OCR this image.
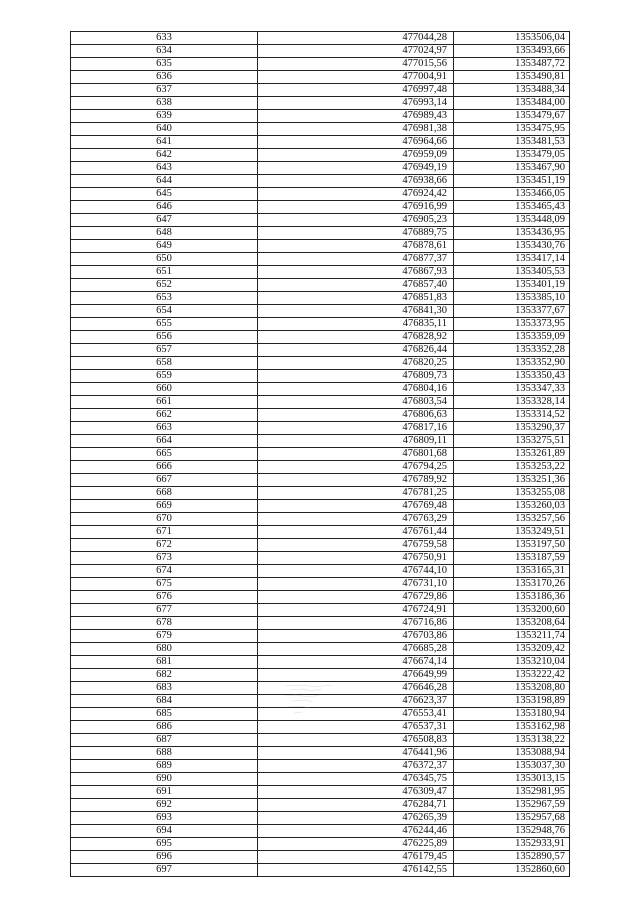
633	477044,28	1353506,04
634	477024,97	1353493,66
635	477015,56	1353487,72
636	477004,91	1353490,81
637	476997,48	1353488,34
638	476993,14	1353484,00
639	476989,43	1353479,67
640	476981,38	1353475,95
641	476964,66	1353481,53
642	476959,09	1353479,05
643	476949,19	1353467,90
644	476938,66	1353451,19
645	476924,42	1353466,05
646	476916,99	1353465,43
647	476905,23	1353448,09
648	476889,75	1353436,95
649	476878,61	1353430,76
650	476877,37	1353417,14
651	476867,93	1353405,53
652	476857,40	1353401,19
653	476851,83	1353385,10
654	476841,30	1353377,67
655	476835,11	1353373,95
656	476828,92	1353359,09
657	476826,44	1353352,28
658	476820,25	1353352,90
659	476809,73	1353350,43
660	476804,16	1353347,33
661	476803,54	1353328,14
662	476806,63	1353314,52
663	476817,16	1353290,37
664	476809,11	1353275,51
665	476801,68	1353261,89
666	476794,25	1353253,22
667	476789,92	1353251,36
668	476781,25	1353255,08
669	476769,48	1353260,03
670	476763,29	1353257,56
671	476761,44	1353249,51
672	476759,58	1353197,50
673	476750,91	1353187,59
674	476744,10	1353165,31
675	476731,10	1353170,26
676	476729,86	1353186,36
677	476724,91	1353200,60
678	476716,86	1353208,64
679	476703,86	1353211,74
680	476685,28	1353209,42
681	476674,14	1353210,04
682	476649,99	1353222,42
683	476646,28	1353208,80
684	476623,37	1353198,89
685	476553,41	1353180,94
686	476537,31	1353162,98
687	476508,83	1353138,22
688	476441,96	1353088,94
689	476372,37	1353037,30
690	476345,75	1353013,15
691	476309,47	1352981,95
692	476284,71	1352967,59
693	476265,39	1352957,68
694	476244,46	1352948,76
695	476225,89	1352933,91
696	476179,45	1352890,57
697	476142,55	1352860,60
